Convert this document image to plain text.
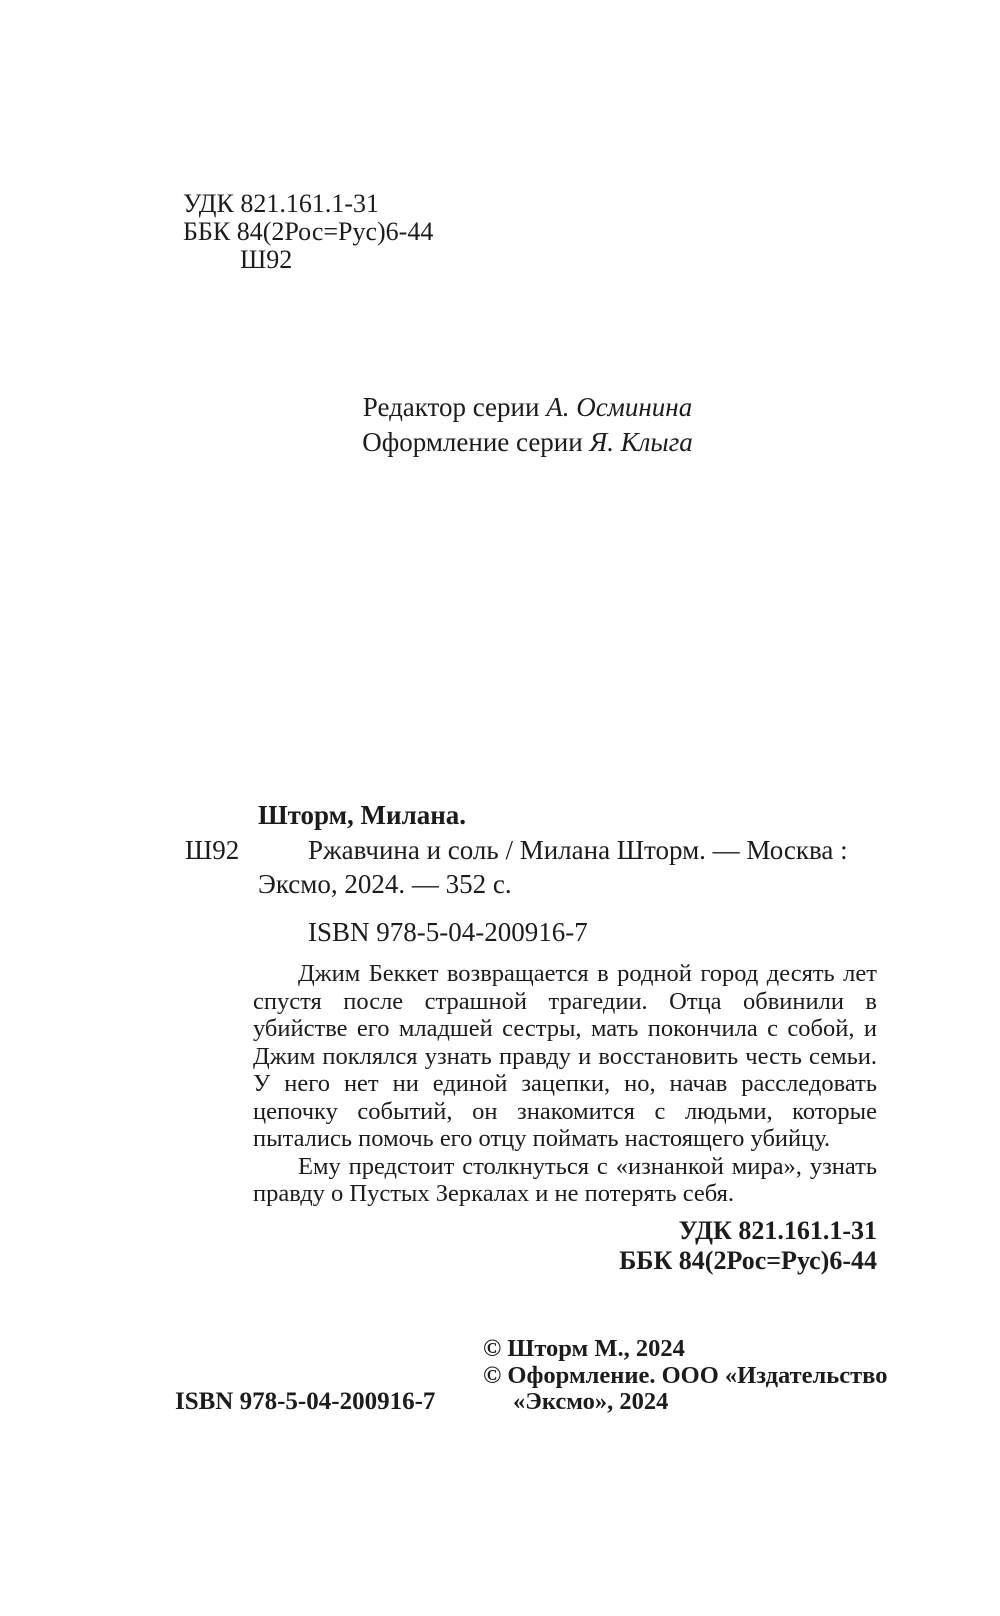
УДК 821.161.1-31
ББК 84(2Рос=Рус)6-44
Ш92
Редактор серии А. Осминина
Оформление серии Я. Клыга
Шторм, Милана.
Ш92	Ржавчина и соль / Милана Шторм. — Москва :
Эксмо, 2024. — 352 с.
ISBN 978-5-04-200916-7

Джим Беккет возвращается в родной город десять лет спустя после страшной трагедии. Отца обвинили в убийстве его младшей сестры, мать покончила с собой, и Джим поклялся узнать правду и восстановить честь семьи. У него нет ни единой зацепки, но, начав расследовать цепочку событий, он знакомится с людьми, которые пытались помочь его отцу поймать настоящего убийцу.

Ему предстоит столкнуться с «изнанкой мира», узнать правду о Пустых Зеркалах и не потерять себя.

УДК 821.161.1-31
ББК 84(2Рос=Рус)6-44
© Шторм М., 2024
© Оформление. ООО «Издательство
«Эксмо», 2024
ISBN 978-5-04-200916-7
